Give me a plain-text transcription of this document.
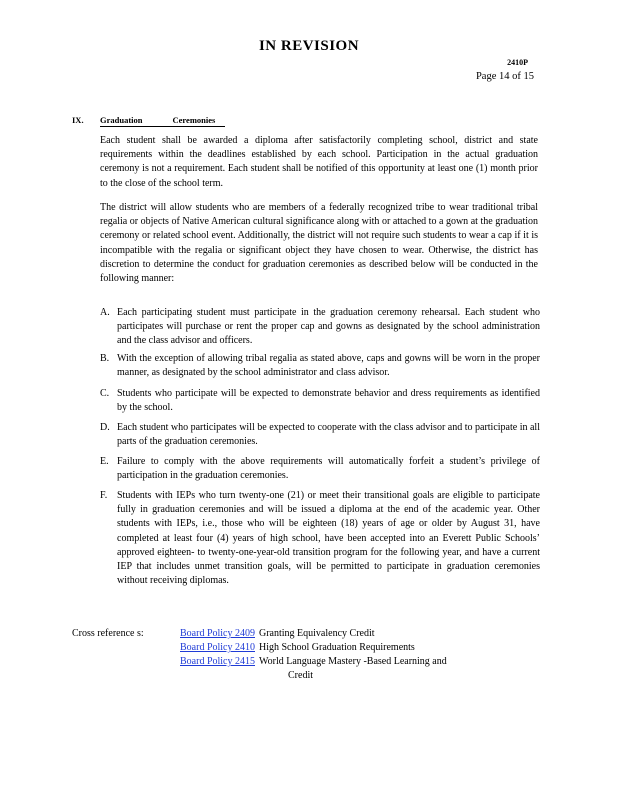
IN REVISION
2410P
Page 14 of 15
IX. Graduation	Ceremonies
Each student shall be awarded a diploma after satisfactorily completing school, district and state requirements within the deadlines established by each school. Participation in the actual graduation ceremony is not a requirement. Each student shall be notified of this opportunity at least one (1) month prior to the close of the school term.
The district will allow students who are members of a federally recognized tribe to wear traditional tribal regalia or objects of Native American cultural significance along with or attached to a gown at the graduation ceremony or related school event. Additionally, the district will not require such students to wear a cap if it is incompatible with the regalia or significant object they have chosen to wear. Otherwise, the district has discretion to determine the conduct for graduation ceremonies as described below will be conducted in the following manner:
A. Each participating student must participate in the graduation ceremony rehearsal. Each student who participates will purchase or rent the proper cap and gowns as designated by the school administration and the class advisor and officers.
B. With the exception of allowing tribal regalia as stated above, caps and gowns will be worn in the proper manner, as designated by the school administrator and class advisor.
C. Students who participate will be expected to demonstrate behavior and dress requirements as identified by the school.
D. Each student who participates will be expected to cooperate with the class advisor and to participate in all parts of the graduation ceremonies.
E. Failure to comply with the above requirements will automatically forfeit a student’s privilege of participation in the graduation ceremonies.
F. Students with IEPs who turn twenty-one (21) or meet their transitional goals are eligible to participate fully in graduation ceremonies and will be issued a diploma at the end of the academic year. Other students with IEPs, i.e., those who will be eighteen (18) years of age or older by August 31, have completed at least four (4) years of high school, have been accepted into an Everett Public Schools’ approved eighteen- to twenty-one-year-old transition program for the following year, and have a current IEP that includes unmet transition goals, will be permitted to participate in graduation ceremonies without receiving diplomas.
Cross reference s:	Board Policy 2409 Granting Equivalency Credit
Board Policy 2410 High School Graduation Requirements
Board Policy 2415 World Language Mastery -Based Learning and
Credit
